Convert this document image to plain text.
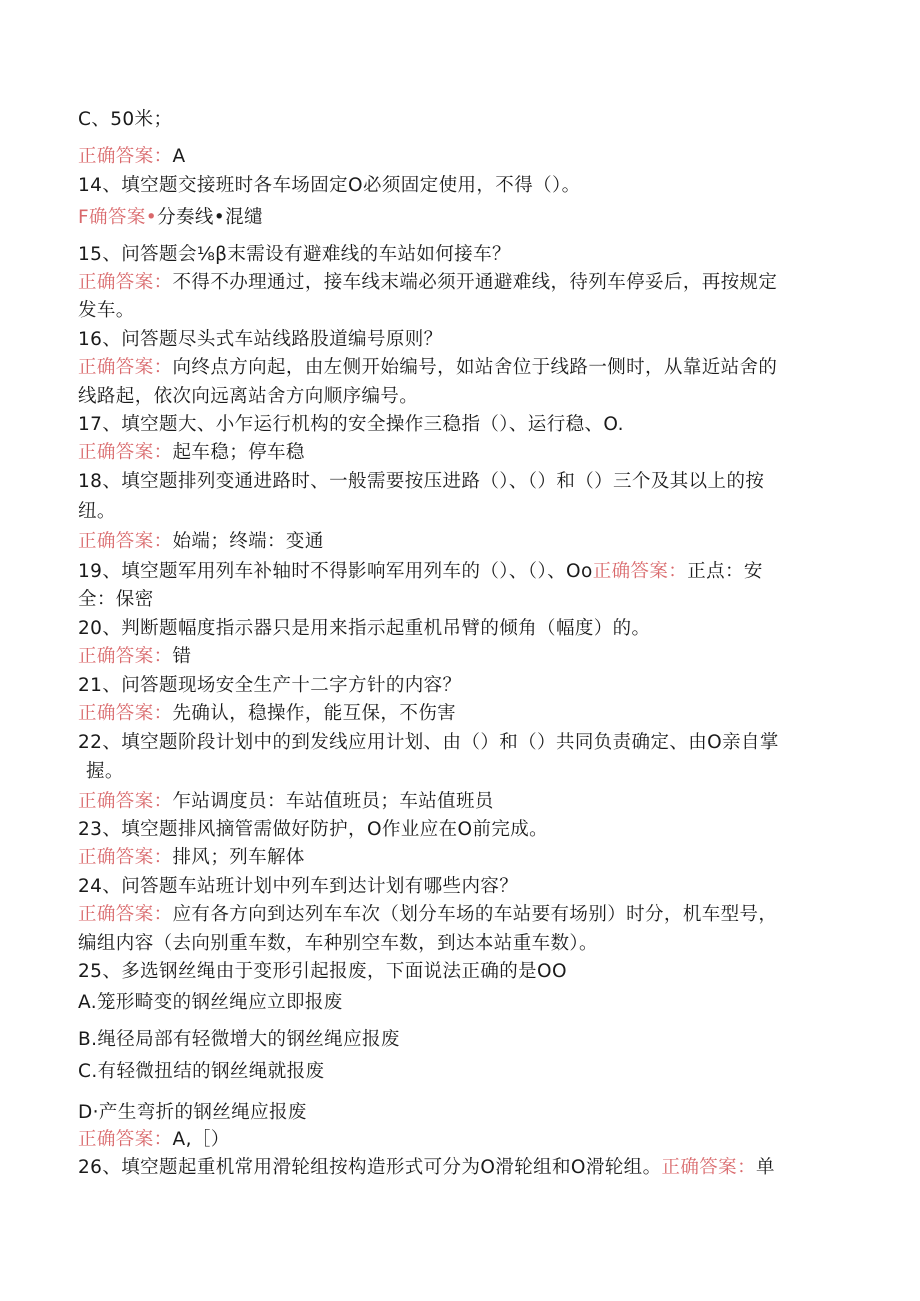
C、50米；
正确答案：A
14、填空题交接班时各车场固定O必须固定使用，不得（）。
F确答案•分奏线•混缱
15、问答题会⅛β末需设有避难线的车站如何接车？
正确答案：不得不办理通过，接车线末端必须开通避难线，待列车停妥后，再按规定
发车。
16、问答题尽头式车站线路股道编号原则？
正确答案：向终点方向起，由左侧开始编号，如站舍位于线路一侧时，从靠近站舍的
线路起，依次向远离站舍方向顺序编号。
17、填空题大、小乍运行机构的安全操作三稳指（）、运行稳、O.
正确答案：起车稳；停车稳
18、填空题排列变通进路时、一般需要按压进路（）、（）和（）三个及其以上的按
纽。
正确答案：始端；终端：变通
19、填空题军用列车补轴时不得影响军用列车的（）、（）、Oo正确答案：正点：安
全：保密
20、判断题幅度指示器只是用来指示起重机吊臂的倾角（幅度）的。
正确答案：错
21、问答题现场安全生产十二字方针的内容？
正确答案：先确认，稳操作，能互保，不伤害
22、填空题阶段计划中的到发线应用计划、由（）和（）共同负责确定、由O亲自掌
握。
正确答案：乍站调度员：车站值班员；车站值班员
23、填空题排风摘管需做好防护，O作业应在O前完成。
正确答案：排风；列车解体
24、问答题车站班计划中列车到达计划有哪些内容？
正确答案：应有各方向到达列车车次（划分车场的车站要有场别）时分，机车型号，
编组内容（去向别重车数，车种别空车数，到达本站重车数）。
25、多选钢丝绳由于变形引起报废，下面说法正确的是OO
A.笼形畸变的钢丝绳应立即报废
B.绳径局部有轻微增大的钢丝绳应报废
C.有轻微扭结的钢丝绳就报废
D·产生弯折的钢丝绳应报废
正确答案：A,［）
26、填空题起重机常用滑轮组按构造形式可分为O滑轮组和O滑轮组。正确答案：单
